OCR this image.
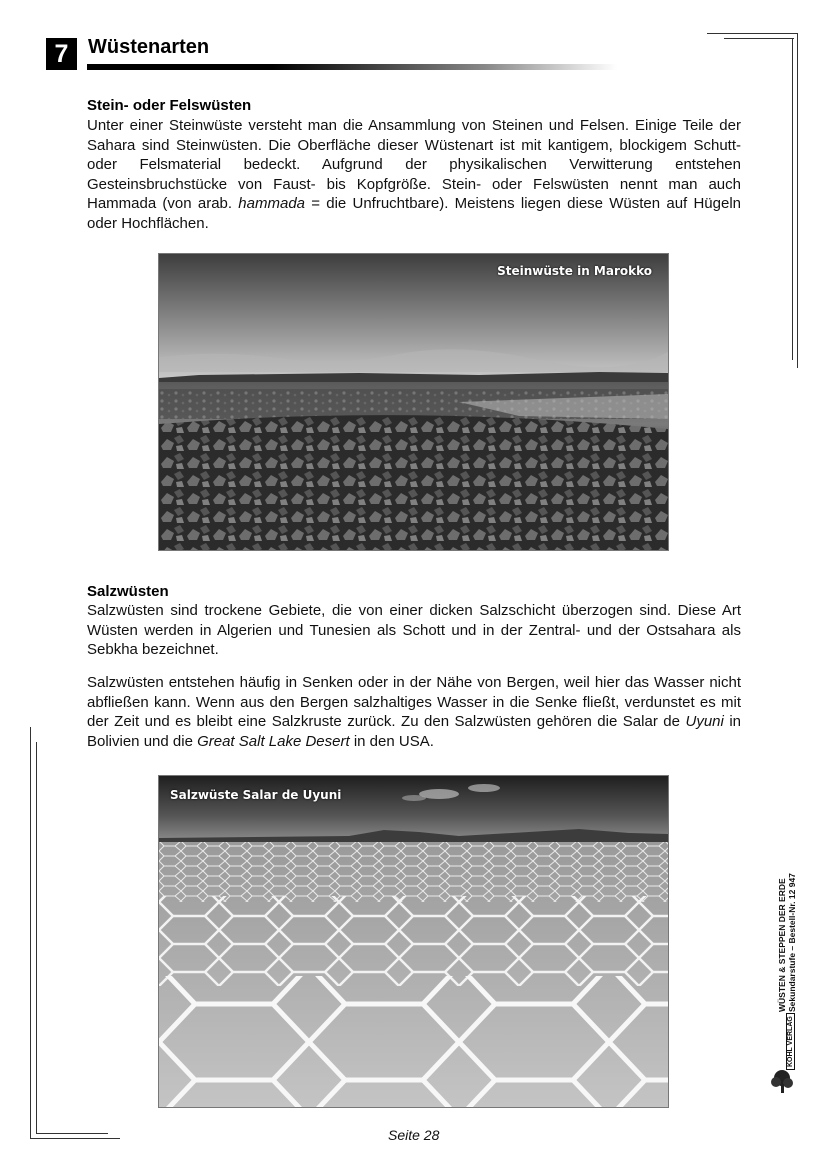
7 Wüstenarten
Stein- oder Felswüsten
Unter einer Steinwüste versteht man die Ansammlung von Steinen und Felsen. Einige Teile der Sahara sind Steinwüsten. Die Oberfläche dieser Wüstenart ist mit kantigem, blockigem Schutt- oder Felsmaterial bedeckt. Aufgrund der physikalischen Verwitterung entstehen Gesteinsbruchstücke von Faust- bis Kopfgröße. Stein- oder Felswüsten nennt man auch Hammada (von arab. hammada = die Unfruchtbare). Meistens liegen diese Wüsten auf Hügeln oder Hochflächen.
Steinwüste in Marokko
Salzwüsten
Salzwüsten sind trockene Gebiete, die von einer dicken Salzschicht überzogen sind. Diese Art Wüsten werden in Algerien und Tunesien als Schott und in der Zentral- und der Ostsahara als Sebkha bezeichnet.
Salzwüsten entstehen häufig in Senken oder in der Nähe von Bergen, weil hier das Wasser nicht abfließen kann. Wenn aus den Bergen salzhaltiges Wasser in die Senke fließt, verdunstet es mit der Zeit und es bleibt eine Salzkruste zurück. Zu den Salzwüsten gehören die Salar de Uyuni in Bolivien und die Great Salt Lake Desert in den USA.
Salzwüste Salar de Uyuni
WÜSTEN & STEPPEN DER ERDE Sekundarstufe – Bestell-Nr. 12 947
KOHL VERLAG
Seite 28
